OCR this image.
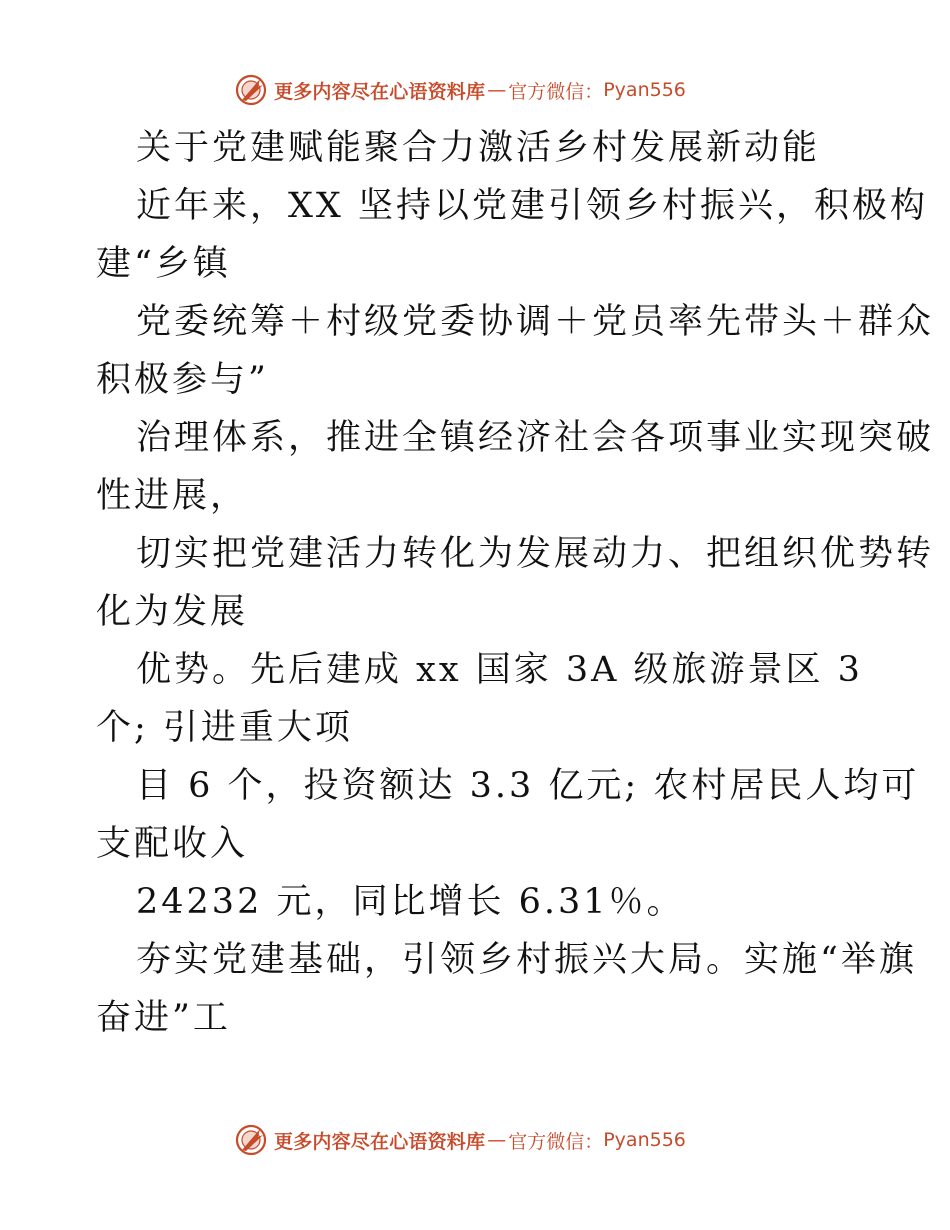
更多内容尽在心语资料库 — 官方微信： Pyan556
关于党建赋能聚合力激活乡村发展新动能
近年来，XX 坚持以党建引领乡村振兴，积极构
建“乡镇
党委统筹＋村级党委协调＋党员率先带头＋群众
积极参与”
治理体系，推进全镇经济社会各项事业实现突破
性进展，
切实把党建活力转化为发展动力、把组织优势转
化为发展
优势。先后建成 xx 国家 3A 级旅游景区 3
个; 引进重大项
目 6 个，投资额达 3.3 亿元; 农村居民人均可
支配收入
24232 元，同比增长 6.31％。
夯实党建基础，引领乡村振兴大局。实施“举旗
奋进”工
更多内容尽在心语资料库 — 官方微信： Pyan556
